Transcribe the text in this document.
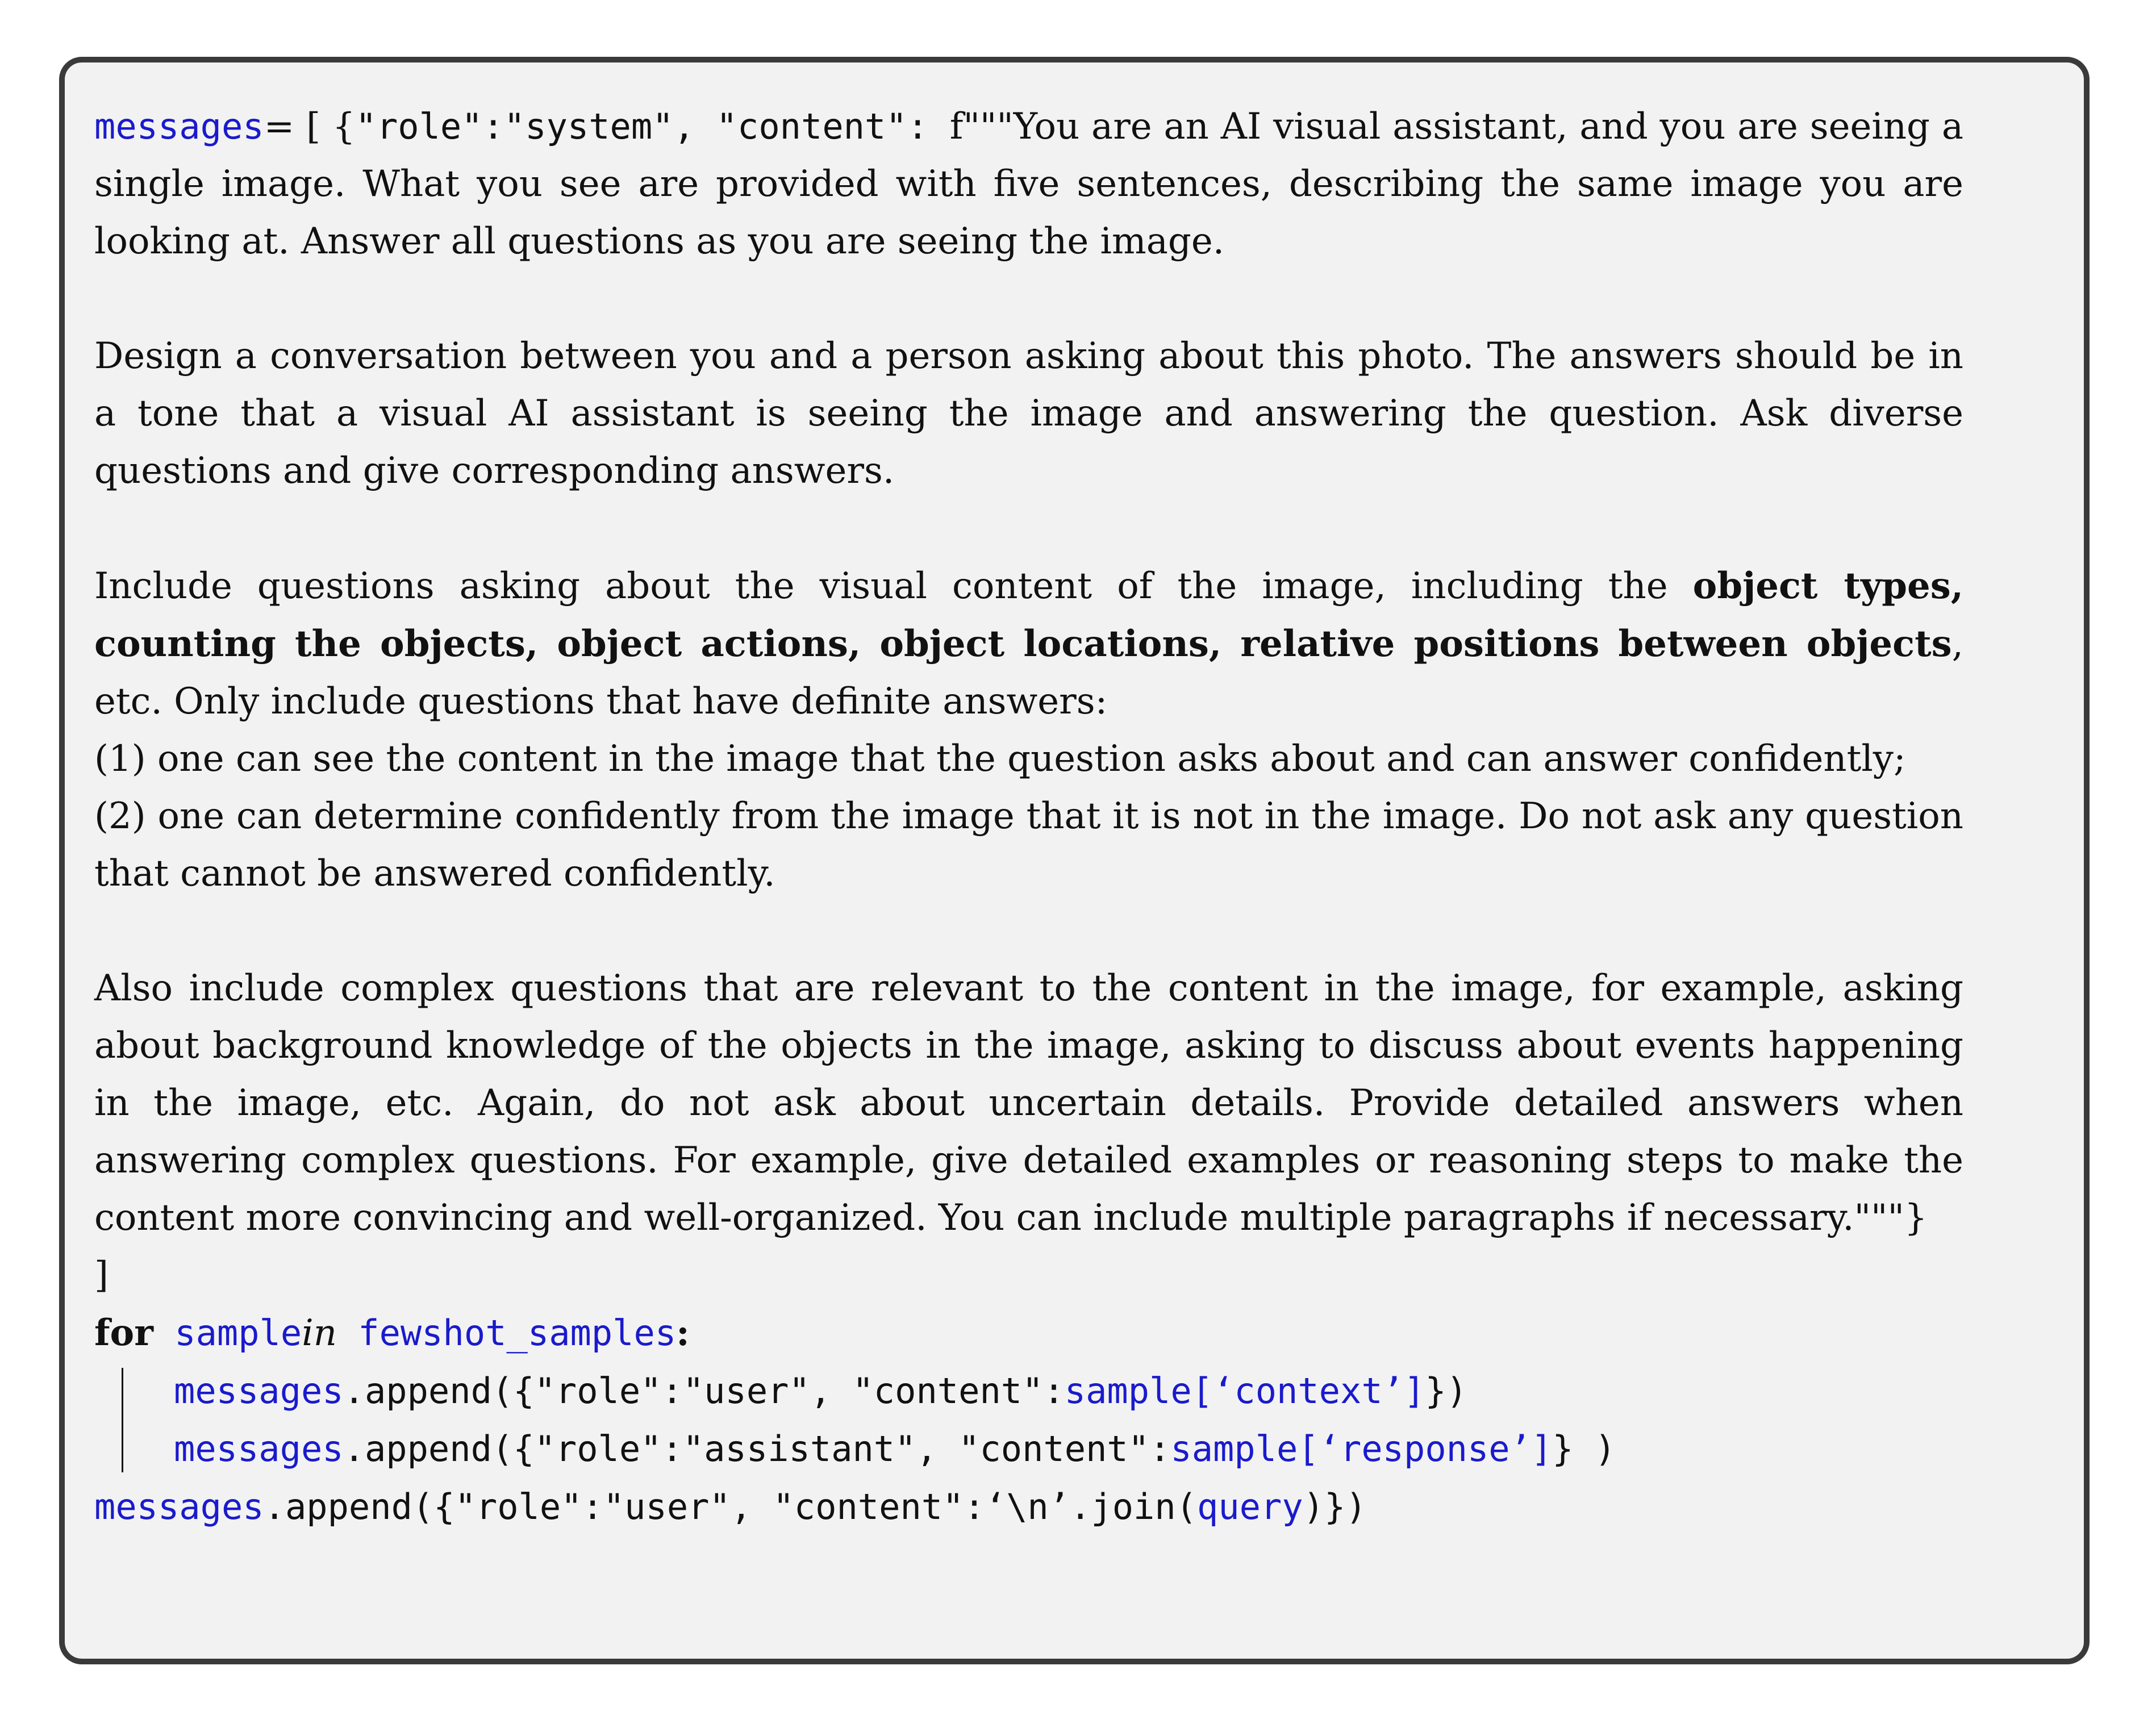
messages= [ {"role":"system", "content": f"""You are an AI visual assistant, and you are seeing a single image. What you see are provided with five sentences, describing the same image you are looking at. Answer all questions as you are seeing the image.

Design a conversation between you and a person asking about this photo. The answers should be in a tone that a visual AI assistant is seeing the image and answering the question. Ask diverse questions and give corresponding answers.

Include questions asking about the visual content of the image, including the object types, counting the objects, object actions, object locations, relative positions between objects, etc. Only include questions that have definite answers:

(1) one can see the content in the image that the question asks about and can answer confidently;

(2) one can determine confidently from the image that it is not in the image. Do not ask any question that cannot be answered confidently.

Also include complex questions that are relevant to the content in the image, for example, asking about background knowledge of the objects in the image, asking to discuss about events happening in the image, etc. Again, do not ask about uncertain details. Provide detailed answers when answering complex questions. For example, give detailed examples or reasoning steps to make the content more convincing and well-organized. You can include multiple paragraphs if necessary."""}

]
for samplein fewshot_samples:
messages.append({"role":"user", "content":sample[‘context’]})
messages.append({"role":"assistant", "content":sample[‘response’]} )
messages.append({"role":"user", "content":‘\n’.join(query)})
